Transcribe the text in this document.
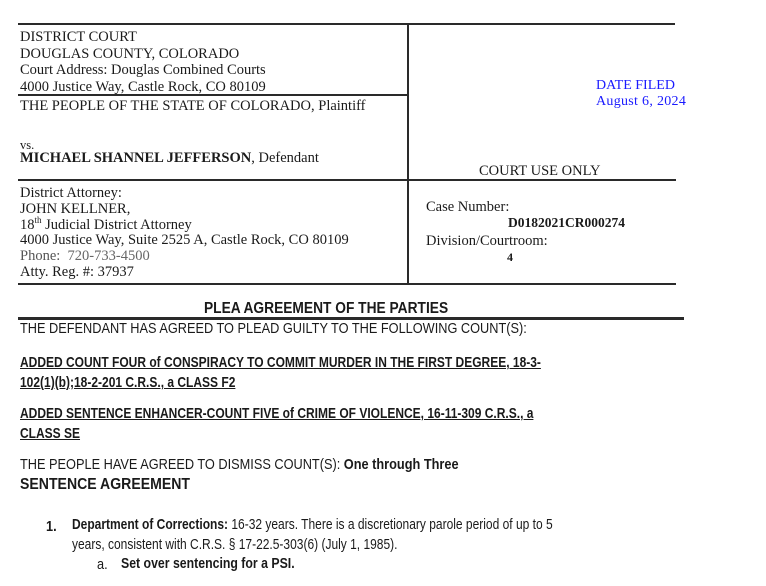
DISTRICT COURT
DOUGLAS COUNTY, COLORADO
Court Address: Douglas Combined Courts
4000 Justice Way, Castle Rock, CO 80109
THE PEOPLE OF THE STATE OF COLORADO, Plaintiff
vs.
MICHAEL SHANNEL JEFFERSON, Defendant
DATE FILED
August 6, 2024
COURT USE ONLY
District Attorney:
JOHN KELLNER,
18th Judicial District Attorney
4000 Justice Way, Suite 2525 A, Castle Rock, CO 80109
Phone: 720-733-4500
Atty. Reg. #: 37937
Case Number:
D0182021CR000274
Division/Courtroom:
4
PLEA AGREEMENT OF THE PARTIES
THE DEFENDANT HAS AGREED TO PLEAD GUILTY TO THE FOLLOWING COUNT(S):
ADDED COUNT FOUR of CONSPIRACY TO COMMIT MURDER IN THE FIRST DEGREE, 18-3-
102(1)(b);18-2-201 C.R.S., a CLASS F2
ADDED SENTENCE ENHANCER-COUNT FIVE of CRIME OF VIOLENCE, 16-11-309 C.R.S., a
CLASS SE
THE PEOPLE HAVE AGREED TO DISMISS COUNT(S): One through Three
SENTENCE AGREEMENT
1. Department of Corrections: 16-32 years. There is a discretionary parole period of up to 5
years, consistent with C.R.S. § 17-22.5-303(6) (July 1, 1985).
a. Set over sentencing for a PSI.
